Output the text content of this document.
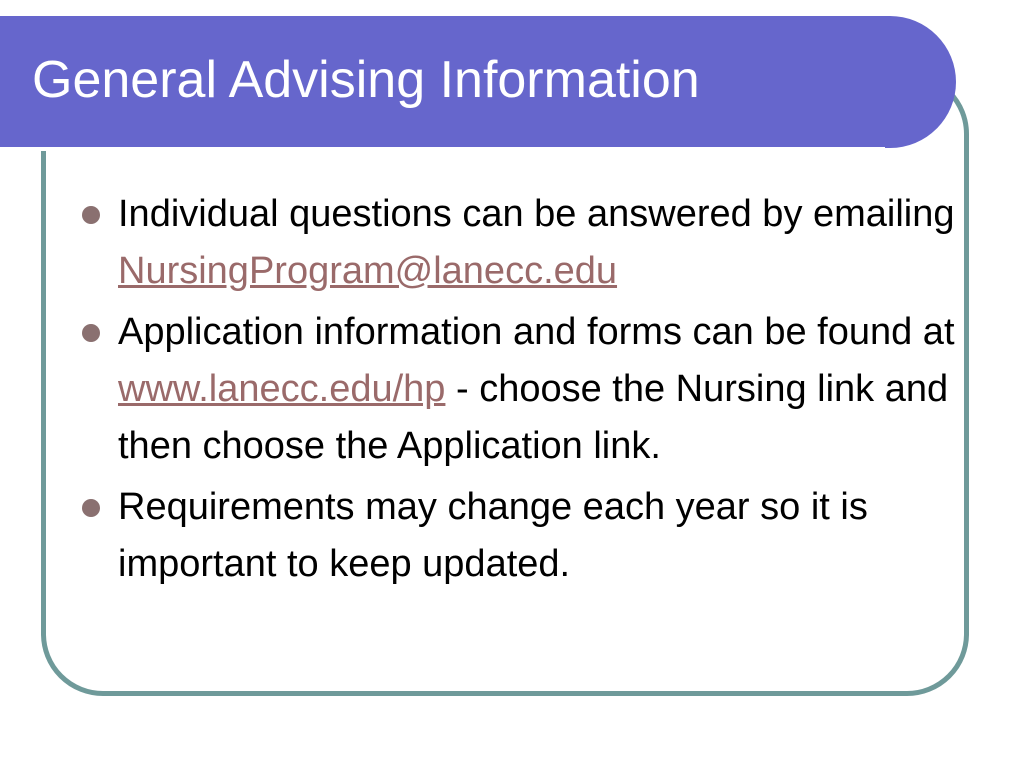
General Advising Information
Individual questions can be answered by emailing NursingProgram@lanecc.edu
Application information and forms can be found at www.lanecc.edu/hp - choose the Nursing link and then choose the Application link.
Requirements may change each year so it is important to keep updated.
